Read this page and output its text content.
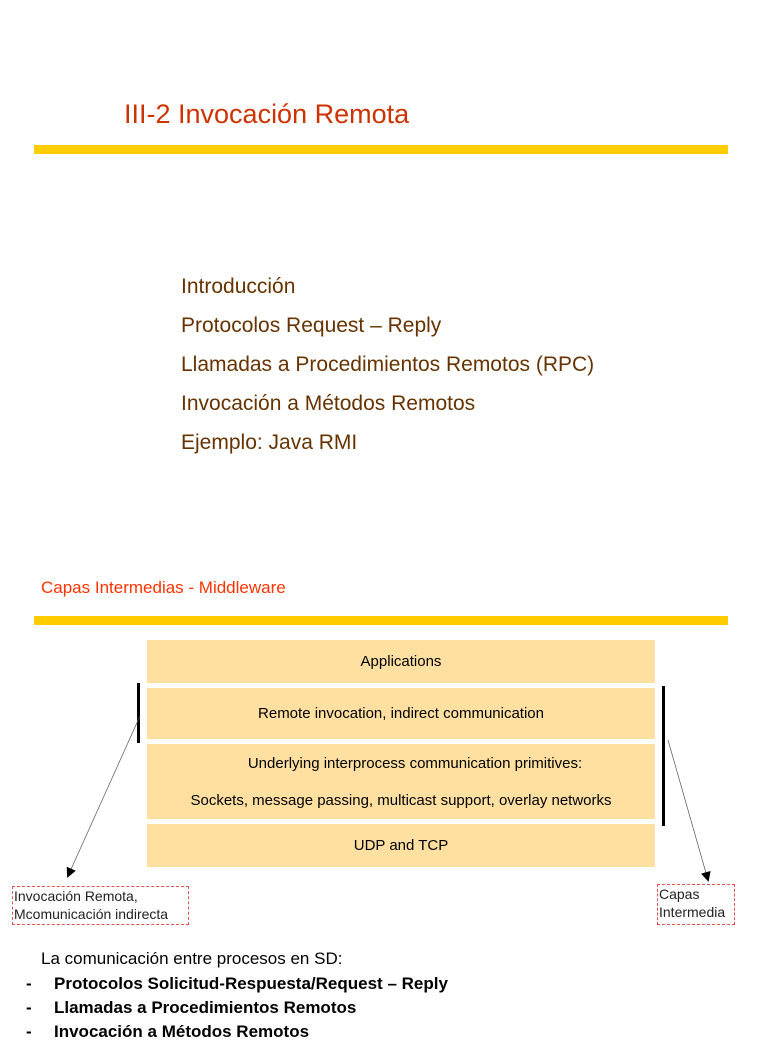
III-2 Invocación Remota
Introducción
Protocolos Request – Reply
Llamadas a Procedimientos Remotos (RPC)
Invocación a Métodos Remotos
Ejemplo: Java RMI
Capas Intermedias - Middleware
Applications
Remote invocation, indirect communication
Underlying interprocess communication primitives:
Sockets, message passing, multicast support, overlay networks
UDP and TCP
Invocación Remota,
Mcomunicación indirecta
Capas
Intermedia
La comunicación entre procesos en SD:
- Protocolos Solicitud-Respuesta/Request – Reply
- Llamadas a Procedimientos Remotos
- Invocación a Métodos Remotos
